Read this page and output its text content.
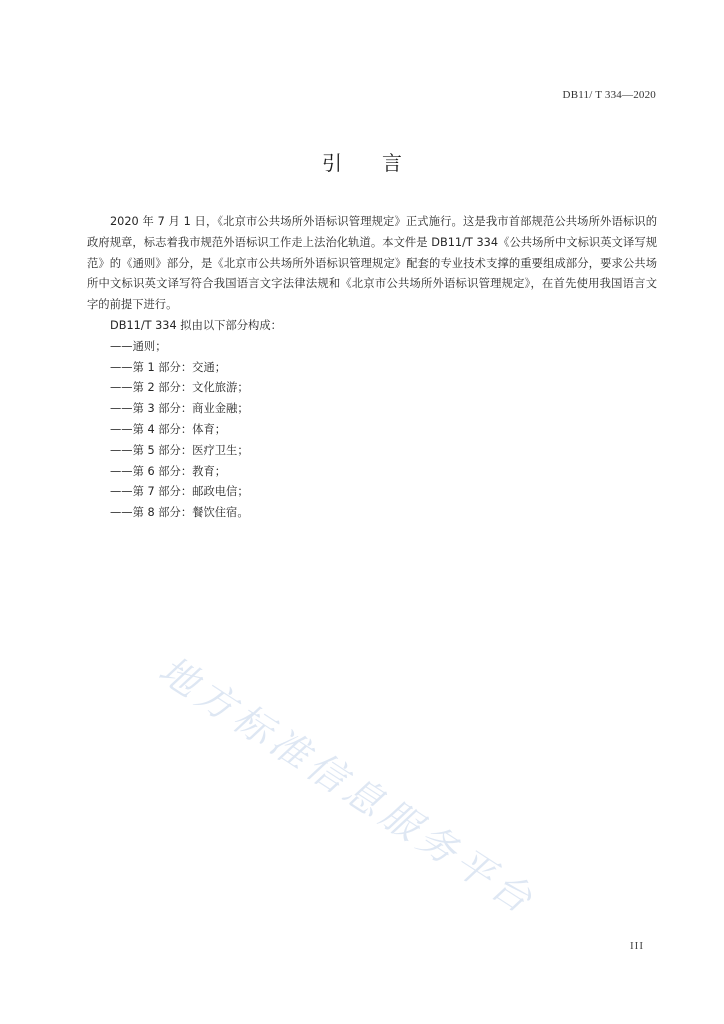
DB11/ T 334—2020
引言

2020 年 7 月 1 日，《北京市公共场所外语标识管理规定》正式施行。这是我市首部规范公共场所外语标识的政府规章，标志着我市规范外语标识工作走上法治化轨道。本文件是 DB11/T 334《公共场所中文标识英文译写规范》的《通则》部分，是《北京市公共场所外语标识管理规定》配套的专业技术支撑的重要组成部分，要求公共场所中文标识英文译写符合我国语言文字法律法规和《北京市公共场所外语标识管理规定》，在首先使用我国语言文字的前提下进行。

DB11/T 334 拟由以下部分构成：

——通则；
——第 1 部分：交通；
——第 2 部分：文化旅游；
——第 3 部分：商业金融；
——第 4 部分：体育；
——第 5 部分：医疗卫生；
——第 6 部分：教育；
——第 7 部分：邮政电信；
——第 8 部分：餐饮住宿。
地方标准信息服务平台
III
